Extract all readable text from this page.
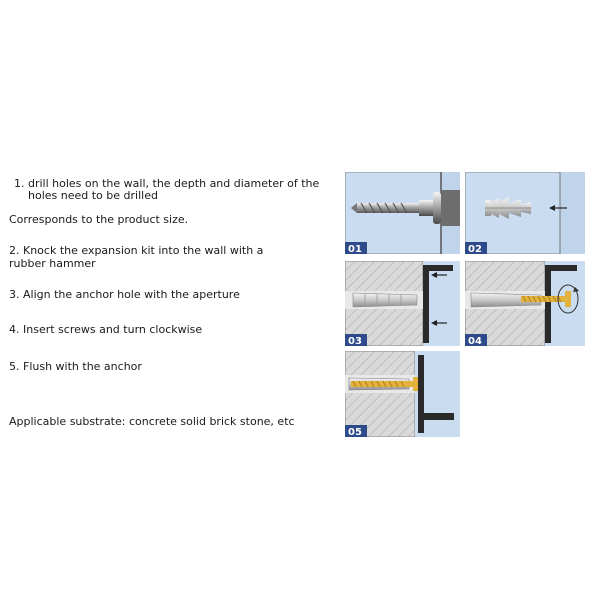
1. drill holes on the wall, the depth and diameter of the

holes need to be drilled

Corresponds to the product size.

2. Knock the expansion kit into the wall with a

rubber hammer

3. Align the anchor hole with the aperture

4. Insert screws and turn clockwise

5. Flush with the anchor

Applicable substrate: concrete solid brick stone, etc

01	02
03	04
05
